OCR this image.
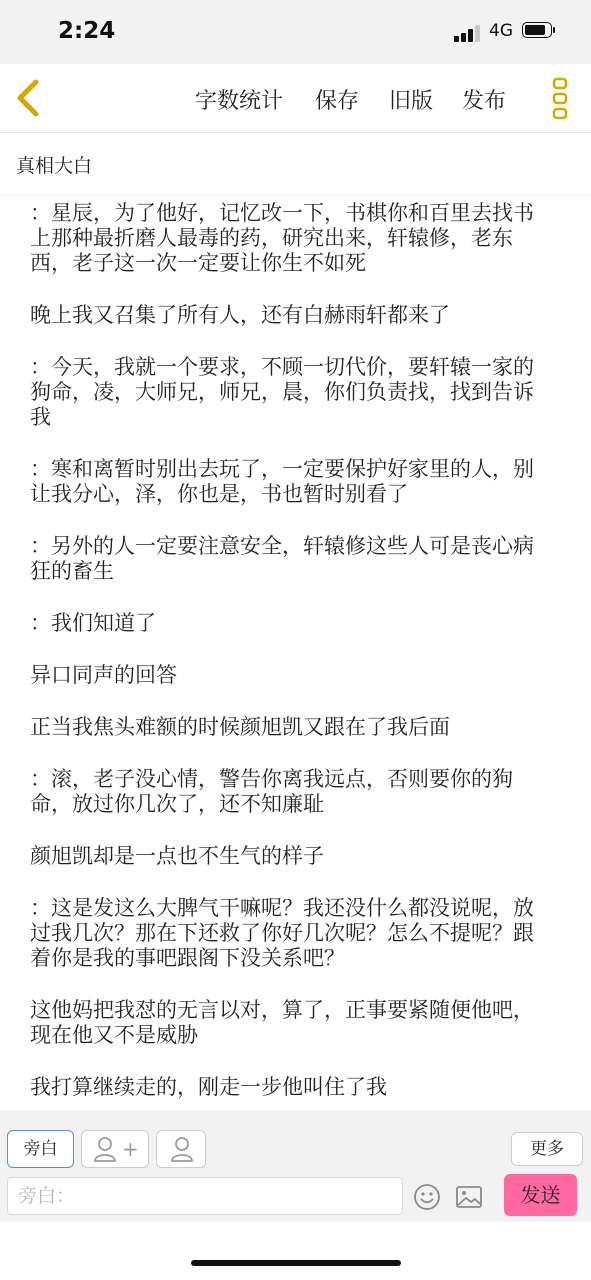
2:24	4G
字数统计 保存 旧版 发布
真相大白

：星辰，为了他好，记忆改一下，书棋你和百里去找书上那种最折磨人最毒的药，研究出来，轩辕修，老东西，老子这一次一定要让你生不如死

晚上我又召集了所有人，还有白赫雨轩都来了

：今天，我就一个要求，不顾一切代价，要轩辕一家的狗命，凌，大师兄，师兄，晨，你们负责找，找到告诉我

：寒和离暂时别出去玩了，一定要保护好家里的人，别让我分心，泽，你也是，书也暂时别看了

：另外的人一定要注意安全，轩辕修这些人可是丧心病狂的畜生

：我们知道了

异口同声的回答

正当我焦头难额的时候颜旭凯又跟在了我后面

：滚，老子没心情，警告你离我远点，否则要你的狗命，放过你几次了，还不知廉耻

颜旭凯却是一点也不生气的样子

：这是发这么大脾气干嘛呢？我还没什么都没说呢，放过我几次？那在下还救了你好几次呢？怎么不提呢？跟着你是我的事吧跟阁下没关系吧？

这他妈把我怼的无言以对，算了，正事要紧随便他吧，现在他又不是威胁

我打算继续走的，刚走一步他叫住了我

旁白	+	更多
旁白：
发送
